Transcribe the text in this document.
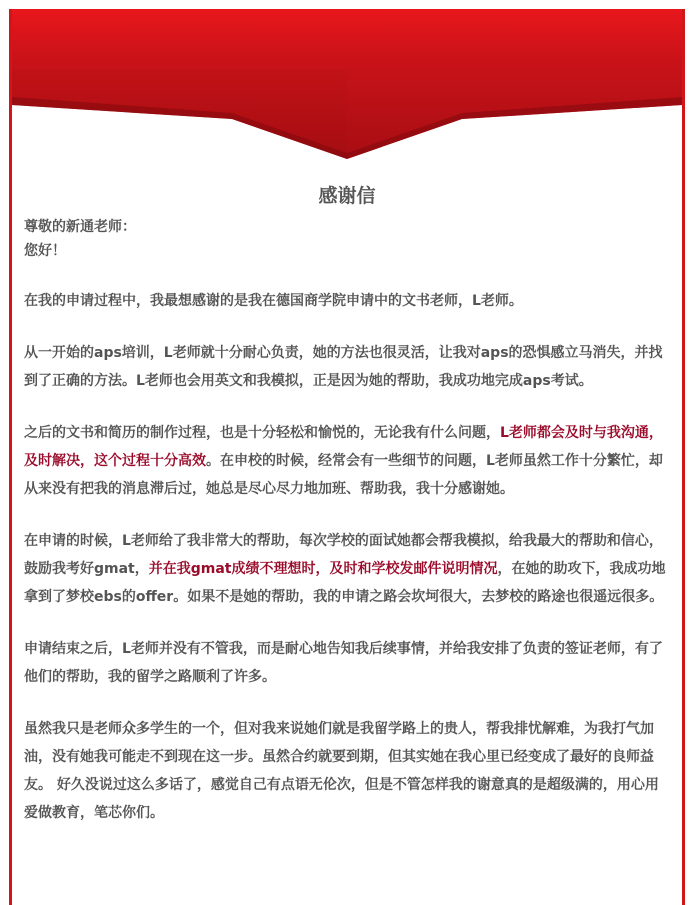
感谢信
尊敬的新通老师：
您好！
在我的申请过程中，我最想感谢的是我在德国商学院申请中的文书老师，L老师。
从一开始的aps培训，L老师就十分耐心负责，她的方法也很灵活，让我对aps的恐惧感立马消失，并找到了正确的方法。L老师也会用英文和我模拟，正是因为她的帮助，我成功地完成aps考试。
之后的文书和简历的制作过程，也是十分轻松和愉悦的，无论我有什么问题，L老师都会及时与我沟通，及时解决，这个过程十分高效。在申校的时候，经常会有一些细节的问题，L老师虽然工作十分繁忙，却从来没有把我的消息滞后过，她总是尽心尽力地加班、帮助我，我十分感谢她。
在申请的时候，L老师给了我非常大的帮助，每次学校的面试她都会帮我模拟，给我最大的帮助和信心，鼓励我考好gmat，并在我gmat成绩不理想时，及时和学校发邮件说明情况，在她的助攻下，我成功地拿到了梦校ebs的offer。如果不是她的帮助，我的申请之路会坎坷很大，去梦校的路途也很遥远很多。
申请结束之后，L老师并没有不管我，而是耐心地告知我后续事情，并给我安排了负责的签证老师，有了他们的帮助，我的留学之路顺利了许多。
虽然我只是老师众多学生的一个，但对我来说她们就是我留学路上的贵人，帮我排忧解难，为我打气加油，没有她我可能走不到现在这一步。虽然合约就要到期，但其实她在我心里已经变成了最好的良师益友。 好久没说过这么多话了，感觉自己有点语无伦次，但是不管怎样我的谢意真的是超级满的，用心用爱做教育，笔芯你们。
